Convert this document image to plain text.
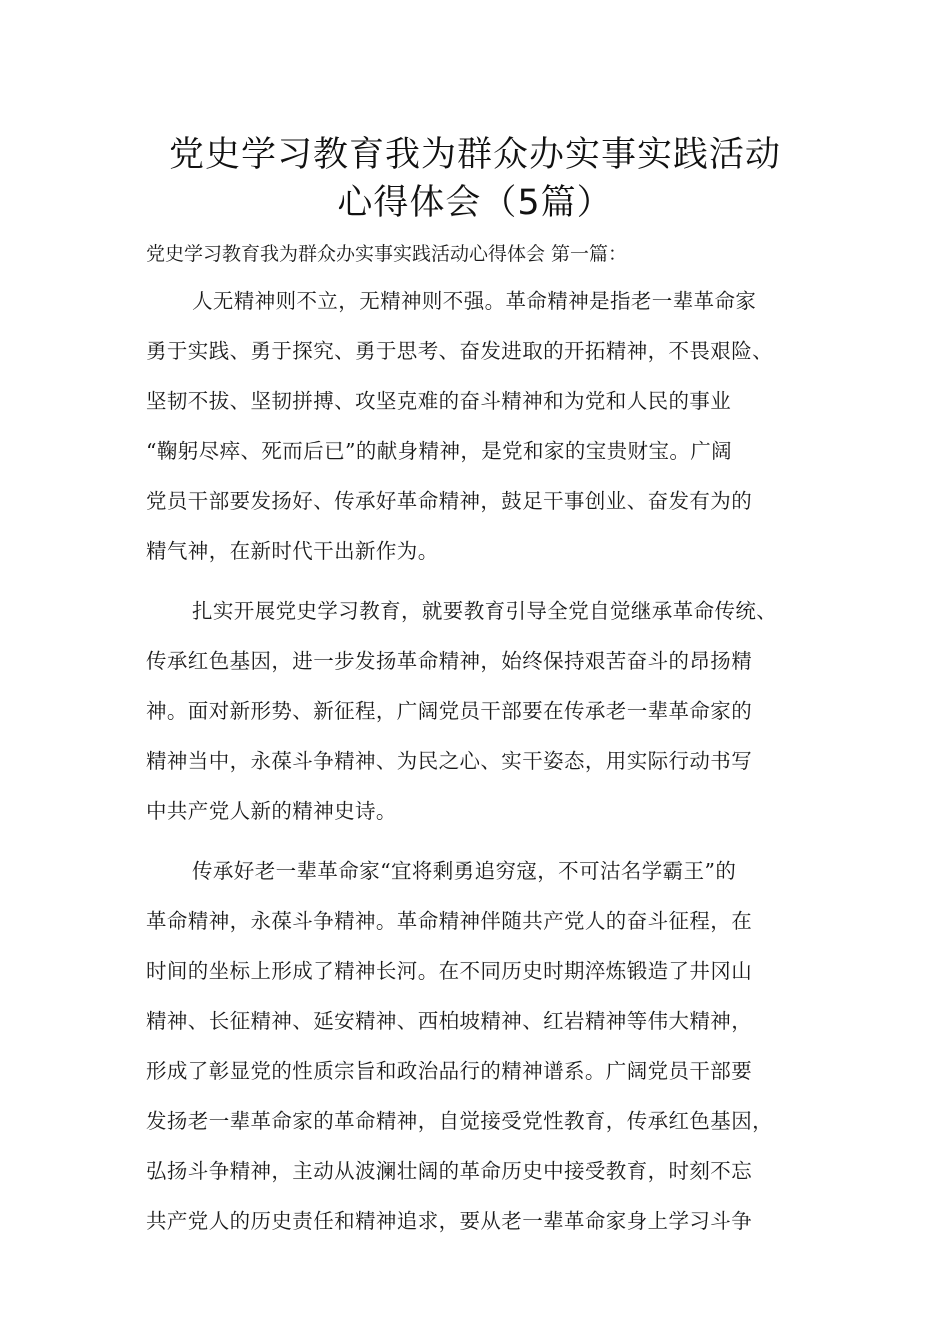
党史学习教育我为群众办实事实践活动
心得体会（5篇）
党史学习教育我为群众办实事实践活动心得体会 第一篇：
人无精神则不立，无精神则不强。革命精神是指老一辈革命家
勇于实践、勇于探究、勇于思考、奋发进取的开拓精神，不畏艰险、
坚韧不拔、坚韧拼搏、攻坚克难的奋斗精神和为党和人民的事业
“鞠躬尽瘁、死而后已”的献身精神，是党和家的宝贵财宝。广阔
党员干部要发扬好、传承好革命精神，鼓足干事创业、奋发有为的
精气神，在新时代干出新作为。
扎实开展党史学习教育，就要教育引导全党自觉继承革命传统、
传承红色基因，进一步发扬革命精神，始终保持艰苦奋斗的昂扬精
神。面对新形势、新征程，广阔党员干部要在传承老一辈革命家的
精神当中，永葆斗争精神、为民之心、实干姿态，用实际行动书写
中共产党人新的精神史诗。
传承好老一辈革命家“宜将剩勇追穷寇，不可沽名学霸王”的
革命精神，永葆斗争精神。革命精神伴随共产党人的奋斗征程，在
时间的坐标上形成了精神长河。在不同历史时期淬炼锻造了井冈山
精神、长征精神、延安精神、西柏坡精神、红岩精神等伟大精神，
形成了彰显党的性质宗旨和政治品行的精神谱系。广阔党员干部要
发扬老一辈革命家的革命精神，自觉接受党性教育，传承红色基因，
弘扬斗争精神，主动从波澜壮阔的革命历史中接受教育，时刻不忘
共产党人的历史责任和精神追求，要从老一辈革命家身上学习斗争
